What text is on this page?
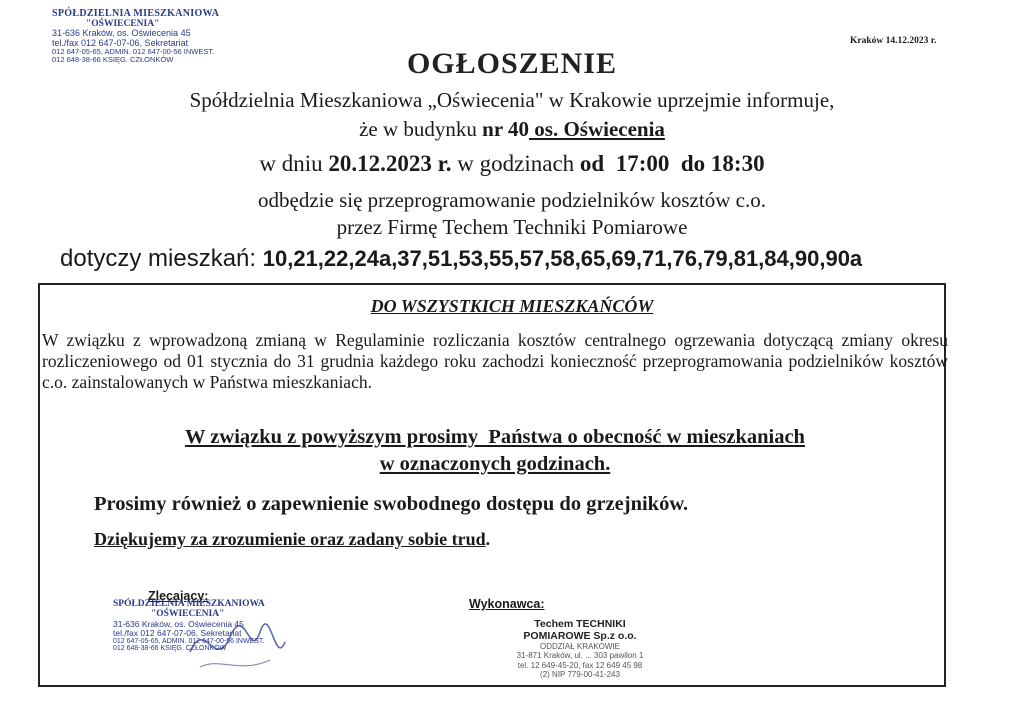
SPÓŁDZIELNIA MIESZKANIOWA
"OŚWIECENIA"
31-636 Kraków, os. Oświecenia 45
tel./fax 012 647-07-06, Sekretariat
012 647-05-65, ADMIN. 012 647-00-56 INWEST.
012 648-38-66 KSIĘG. CZŁONKÓW
Kraków 14.12.2023 r.
OGŁOSZENIE
Spółdzielnia Mieszkaniowa „Oświecenia" w Krakowie uprzejmie informuje,
że w budynku nr 40 os. Oświecenia
w dniu 20.12.2023 r. w godzinach od  17:00  do 18:30
odbędzie się przeprogramowanie podzielników kosztów c.o.
przez Firmę Techem Techniki Pomiarowe
dotyczy mieszkań: 10,21,22,24a,37,51,53,55,57,58,65,69,71,76,79,81,84,90,90a
DO WSZYSTKICH MIESZKAŃCÓW
W związku z wprowadzoną zmianą w Regulaminie rozliczania kosztów centralnego ogrzewania dotyczącą zmiany okresu rozliczeniowego od 01 stycznia do 31 grudnia każdego roku zachodzi konieczność przeprogramowania podzielników kosztów c.o. zainstalowanych w Państwa mieszkaniach.
W związku z powyższym prosimy  Państwa o obecność w mieszkaniach
w oznaczonych godzinach.
Prosimy również o zapewnienie swobodnego dostępu do grzejników.
Dziękujemy za zrozumienie oraz zadany sobie trud.
Zlecający:
Wykonawca:
SPÓŁDZIELNIA MIESZKANIOWA
"OŚWIECENIA"
31-636 Kraków, os. Oświecenia 45
tel./fax 012 647-07-06, Sekretariat
012 647-05-65, ADMIN. 012 647-00-56 INWEST.
012 648-38-66 KSIĘG. CZŁONKÓW
Techem TECHNIKI POMIAROWE Sp.z o.o.
ODDZIAŁ KRAKOWIE
31-871 Kraków, ul. ... 303 pawilon 1
tel. 12 649-45-20, fax 12 649 45 98
(2) NIP 779-00-41-243
